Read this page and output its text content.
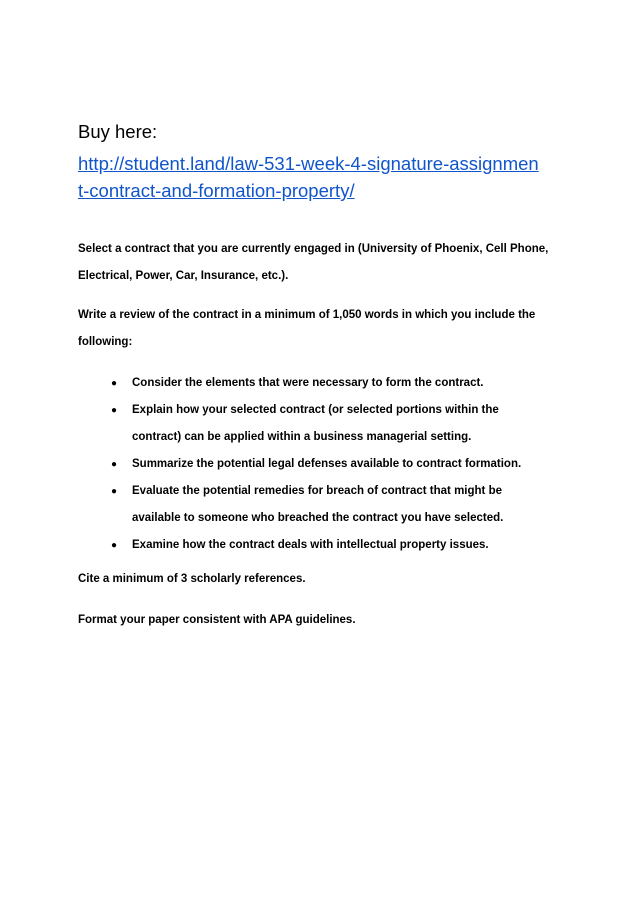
Buy here:

http://student.land/law-531-week-4-signature-assignmen
t-contract-and-formation-property/

Select a contract that you are currently engaged in (University of Phoenix, Cell Phone,
Electrical, Power, Car, Insurance, etc.).

Write a review of the contract in a minimum of 1,050 words in which you include the
following:

● Consider the elements that were necessary to form the contract.
● Explain how your selected contract (or selected portions within the
contract) can be applied within a business managerial setting.
● Summarize the potential legal defenses available to contract formation.
● Evaluate the potential remedies for breach of contract that might be
available to someone who breached the contract you have selected.
● Examine how the contract deals with intellectual property issues.

Cite a minimum of 3 scholarly references.

Format your paper consistent with APA guidelines.
